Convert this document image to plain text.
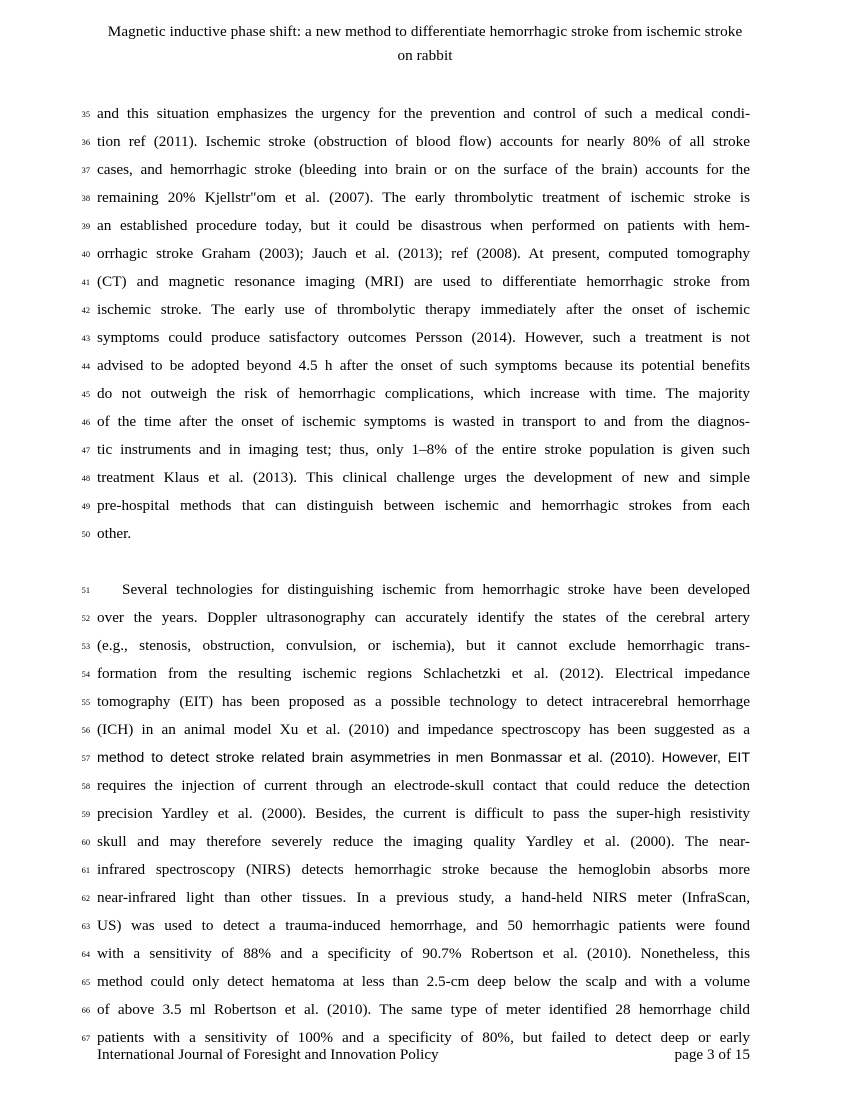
Magnetic inductive phase shift: a new method to differentiate hemorrhagic stroke from ischemic stroke on rabbit
35 and this situation emphasizes the urgency for the prevention and control of such a medical condi-
36 tion ref (2011). Ischemic stroke (obstruction of blood flow) accounts for nearly 80% of all stroke
37 cases, and hemorrhagic stroke (bleeding into brain or on the surface of the brain) accounts for the
38 remaining 20% Kjellstr"om et al. (2007). The early thrombolytic treatment of ischemic stroke is
39 an established procedure today, but it could be disastrous when performed on patients with hem-
40 orrhagic stroke Graham (2003); Jauch et al. (2013); ref (2008). At present, computed tomography
41 (CT) and magnetic resonance imaging (MRI) are used to differentiate hemorrhagic stroke from
42 ischemic stroke. The early use of thrombolytic therapy immediately after the onset of ischemic
43 symptoms could produce satisfactory outcomes Persson (2014). However, such a treatment is not
44 advised to be adopted beyond 4.5 h after the onset of such symptoms because its potential benefits
45 do not outweigh the risk of hemorrhagic complications, which increase with time. The majority
46 of the time after the onset of ischemic symptoms is wasted in transport to and from the diagnos-
47 tic instruments and in imaging test; thus, only 1–8% of the entire stroke population is given such
48 treatment Klaus et al. (2013). This clinical challenge urges the development of new and simple
49 pre-hospital methods that can distinguish between ischemic and hemorrhagic strokes from each
50 other.
51	Several technologies for distinguishing ischemic from hemorrhagic stroke have been developed
52 over the years. Doppler ultrasonography can accurately identify the states of the cerebral artery
53 (e.g., stenosis, obstruction, convulsion, or ischemia), but it cannot exclude hemorrhagic trans-
54 formation from the resulting ischemic regions Schlachetzki et al. (2012). Electrical impedance
55 tomography (EIT) has been proposed as a possible technology to detect intracerebral hemorrhage
56 (ICH) in an animal model Xu et al. (2010) and impedance spectroscopy has been suggested as a
57 method to detect stroke related brain asymmetries in men Bonmassar et al. (2010). However, EIT
58 requires the injection of current through an electrode-skull contact that could reduce the detection
59 precision Yardley et al. (2000). Besides, the current is difficult to pass the super-high resistivity
60 skull and may therefore severely reduce the imaging quality Yardley et al. (2000). The near-
61 infrared spectroscopy (NIRS) detects hemorrhagic stroke because the hemoglobin absorbs more
62 near-infrared light than other tissues. In a previous study, a hand-held NIRS meter (InfraScan,
63 US) was used to detect a trauma-induced hemorrhage, and 50 hemorrhagic patients were found
64 with a sensitivity of 88% and a specificity of 90.7% Robertson et al. (2010). Nonetheless, this
65 method could only detect hematoma at less than 2.5-cm deep below the scalp and with a volume
66 of above 3.5 ml Robertson et al. (2010). The same type of meter identified 28 hemorrhage child
67 patients with a sensitivity of 100% and a specificity of 80%, but failed to detect deep or early
International Journal of Foresight and Innovation Policy	page 3 of 15
